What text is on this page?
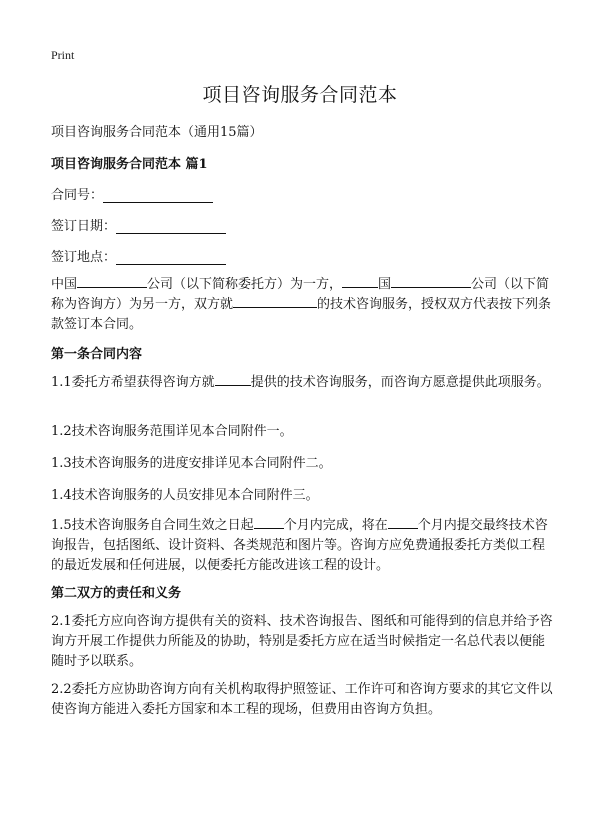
Print
项目咨询服务合同范本
项目咨询服务合同范本（通用15篇）
项目咨询服务合同范本 篇1
合同号：
签订日期：
签订地点：
中国	公司（以下简称委托方）为一方，	国	公司（以下简称为咨询方）为另一方，双方就	的技术咨询服务，授权双方代表按下列条款签订本合同。
第一条合同内容
1.1委托方希望获得咨询方就	提供的技术咨询服务，而咨询方愿意提供此项服务。
1.2技术咨询服务范围详见本合同附件一。
1.3技术咨询服务的进度安排详见本合同附件二。
1.4技术咨询服务的人员安排见本合同附件三。
1.5技术咨询服务自合同生效之日起 个月内完成，将在 个月内提交最终技术咨询报告，包括图纸、设计资料、各类规范和图片等。咨询方应免费通报委托方类似工程的最近发展和任何进展，以便委托方能改进该工程的设计。
第二双方的责任和义务
2.1委托方应向咨询方提供有关的资料、技术咨询报告、图纸和可能得到的信息并给予咨询方开展工作提供力所能及的协助，特别是委托方应在适当时候指定一名总代表以便能随时予以联系。
2.2委托方应协助咨询方向有关机构取得护照签证、工作许可和咨询方要求的其它文件以使咨询方能进入委托方国家和本工程的现场，但费用由咨询方负担。
